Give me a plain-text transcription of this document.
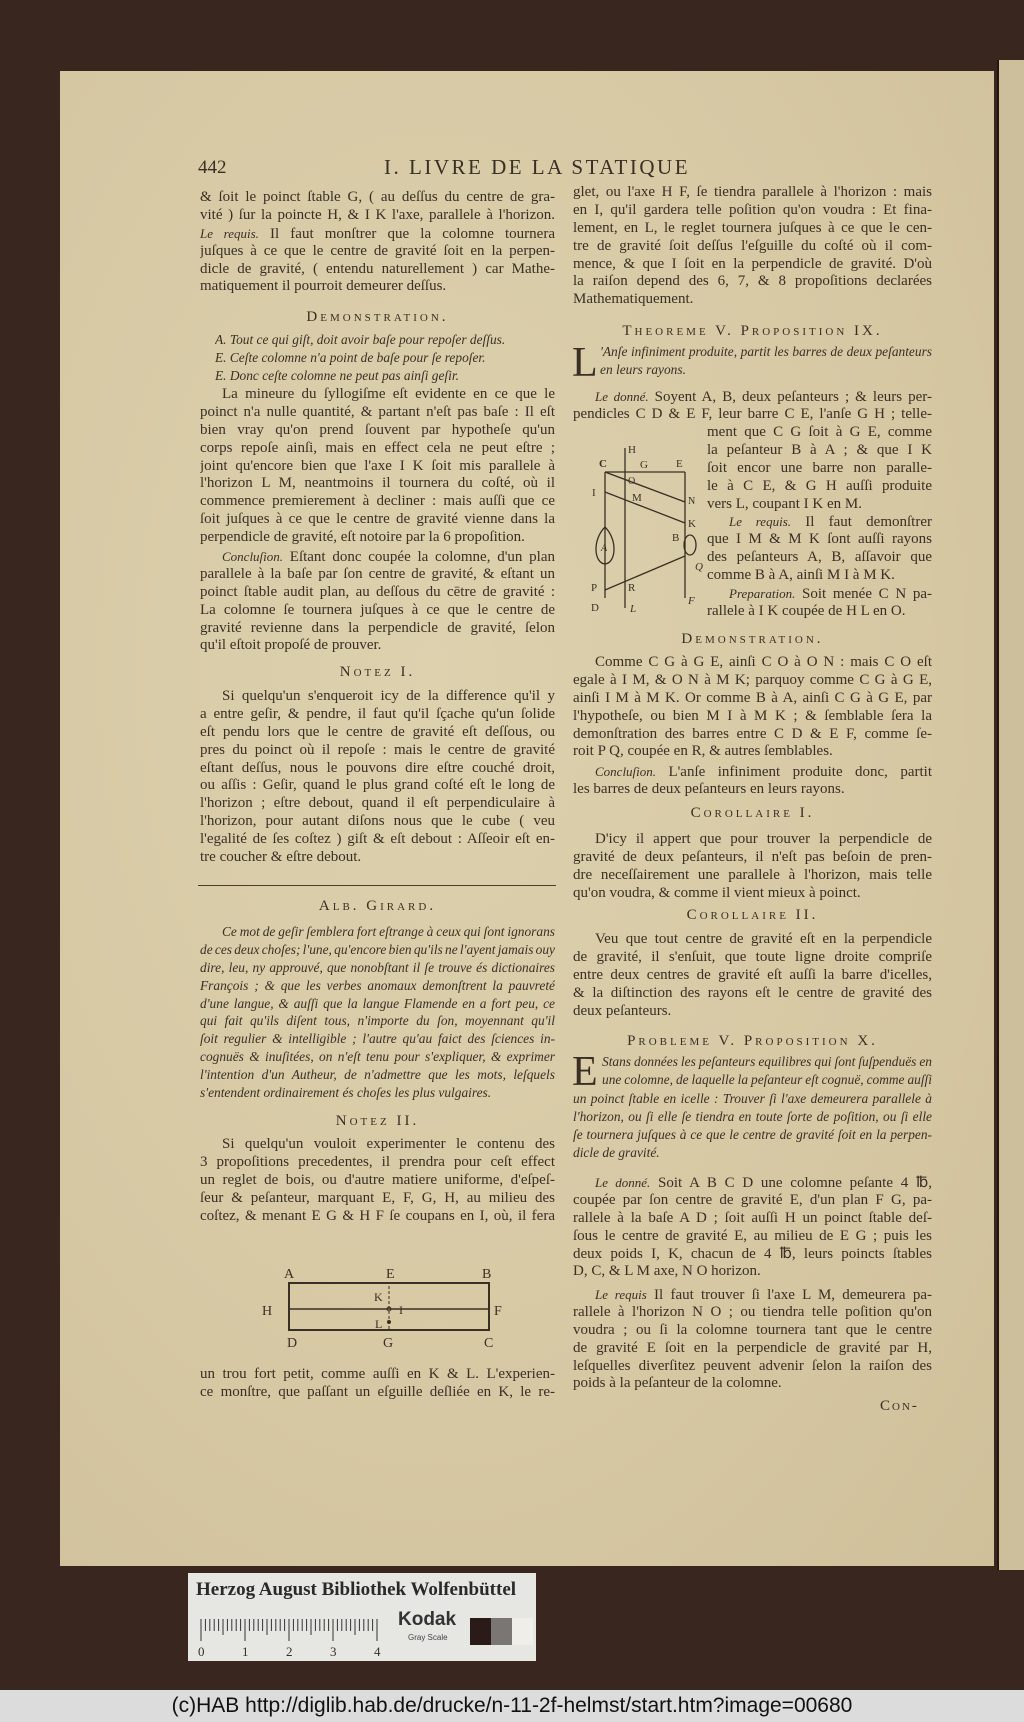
442	I. LIVRE DE LA STATIQUE
& ſoit le poinct ſtable G, ( au deſſus du centre de gra-
vité ) ſur la poincte H, & I K l'axe, parallele à l'horizon.
Le requis. Il faut monſtrer que la colomne tournera
juſques à ce que le centre de gravité ſoit en la perpen-
dicle de gravité, ( entendu naturellement ) car Mathe-
matiquement il pourroit demeurer deſſus.
Demonstration.
A. Tout ce qui giſt, doit avoir baſe pour repoſer deſſus.
E. Ceſte colomne n'a point de baſe pour ſe repoſer.
E. Donc ceſte colomne ne peut pas ainſi geſir.
La mineure du ſyllogiſme eſt evidente en ce que le
poinct n'a nulle quantité, & partant n'eſt pas baſe : Il eſt
bien vray qu'on prend ſouvent par hypotheſe qu'un
corps repoſe ainſi, mais en effect cela ne peut eſtre ;
joint qu'encore bien que l'axe I K ſoit mis parallele à
l'horizon L M, neantmoins il tournera du coſté, où il
commence premierement à decliner : mais auſſi que ce
ſoit juſques à ce que le centre de gravité vienne dans la
perpendicle de gravité, eſt notoire par la 6 propoſition.
Concluſion. Eſtant donc coupée la colomne, d'un plan
parallele à la baſe par ſon centre de gravité, & eſtant un
poinct ſtable audit plan, au deſſous du cētre de gravité :
La colomne ſe tournera juſques à ce que le centre de
gravité revienne dans la perpendicle de gravité, ſelon
qu'il eſtoit propoſé de prouver.
Notez I.
Si quelqu'un s'enqueroit icy de la difference qu'il y
a entre geſir, & pendre, il faut qu'il ſçache qu'un ſolide
eſt pendu lors que le centre de gravité eſt deſſous, ou
pres du poinct où il repoſe : mais le centre de gravité
eſtant deſſus, nous le pouvons dire eſtre couché droit,
ou aſſis : Geſir, quand le plus grand coſté eſt le long de
l'horizon ; eſtre debout, quand il eſt perpendiculaire à
l'horizon, pour autant diſons nous que le cube ( veu
l'egalité de ſes coſtez ) giſt & eſt debout : Aſſeoir eſt en-
tre coucher & eſtre debout.
Alb. Girard.
Ce mot de geſir ſemblera fort eſtrange à ceux qui ſont ignorans
de ces deux choſes; l'une, qu'encore bien qu'ils ne l'ayent jamais ouy
dire, leu, ny approuvé, que nonobſtant il ſe trouve és dictionaires
François ; & que les verbes anomaux demonſtrent la pauvreté
d'une langue, & auſſi que la langue Flamende en a fort peu, ce
qui fait qu'ils diſent tous, n'importe du ſon, moyennant qu'il
ſoit regulier & intelligible ; l'autre qu'au faict des ſciences in-
cognuës & inuſitées, on n'eſt tenu pour s'expliquer, & exprimer
l'intention d'un Autheur, de n'admettre que les mots, leſquels
s'entendent ordinairement és choſes les plus vulgaires.
Notez II.
Si quelqu'un vouloit experimenter le contenu des
3 propoſitions precedentes, il prendra pour ceſt effect
un reglet de bois, ou d'autre matiere uniforme, d'eſpeſ-
ſeur & peſanteur, marquant E, F, G, H, au milieu des
coſtez, & menant E G & H F ſe coupans en I, où, il fera
A	E	B
H	F
K
I
L
D	G	C
un trou fort petit, comme auſſi en K & L. L'experien-
ce monſtre, que paſſant un eſguille deſliée en K, le re-
glet, ou l'axe H F, ſe tiendra parallele à l'horizon : mais
en I, qu'il gardera telle poſition qu'on voudra : Et fina-
lement, en L, le reglet tournera juſques à ce que le cen-
tre de gravité ſoit deſſus l'eſguille du coſté où il com-
mence, & que I ſoit en la perpendicle de gravité. D'où
la raiſon depend des 6, 7, & 8 propoſitions declarées
Mathematiquement.
Theoreme V. Proposition IX.
L 'Anſe infiniment produite, partit les barres de deux peſanteurs
en leurs rayons.
Le donné. Soyent A, B, deux peſanteurs ; & leurs per-
pendicles C D & E F, leur barre C E, l'anſe G H ; telle-
ment que C G ſoit à G E, comme
la peſanteur B à A ; & que I K
ſoit encor une barre non paralle-
le à C E, & G H auſſi produite
vers L, coupant I K en M.
Le requis. Il faut demonſtrer
que I M & M K ſont auſſi rayons
des peſanteurs A, B, aſſavoir que
comme B à A, ainſi M I à M K.
Preparation. Soit menée C N pa-
rallele à I K coupée de H L en O.
C
H
G	E
O
I	M	N
K
A
B
Q
P	R
D	L
F
Demonstration.
Comme C G à G E, ainſi C O à O N : mais C O eſt
egale à I M, & O N à M K; parquoy comme C G à G E,
ainſi I M à M K. Or comme B à A, ainſi C G à G E, par
l'hypotheſe, ou bien M I à M K ; & ſemblable ſera la
demonſtration des barres entre C D & E F, comme ſe-
roit P Q, coupée en R, & autres ſemblables.
Concluſion. L'anſe infiniment produite donc, partit
les barres de deux peſanteurs en leurs rayons.
Corollaire I.
D'icy il appert que pour trouver la perpendicle de
gravité de deux peſanteurs, il n'eſt pas beſoin de pren-
dre neceſſairement une parallele à l'horizon, mais telle
qu'on voudra, & comme il vient mieux à poinct.
Corollaire II.
Veu que tout centre de gravité eſt en la perpendicle
de gravité, il s'enſuit, que toute ligne droite compriſe
entre deux centres de gravité eſt auſſi la barre d'icelles,
& la diſtinction des rayons eſt le centre de gravité des
deux peſanteurs.
Probleme V. Proposition X.
E Stans données les peſanteurs equilibres qui ſont ſuſpenduës en
une colomne, de laquelle la peſanteur eſt cognuë, comme auſſi
un poinct ſtable en icelle : Trouver ſi l'axe demeurera parallele à
l'horizon, ou ſi elle ſe tiendra en toute ſorte de poſition, ou ſi elle
ſe tournera juſques à ce que le centre de gravité ſoit en la perpen-
dicle de gravité.
Le donné. Soit A B C D une colomne peſante 4 ℔,
coupée par ſon centre de gravité E, d'un plan F G, pa-
rallele à la baſe A D ; ſoit auſſi H un poinct ſtable deſ-
ſous le centre de gravité E, au milieu de E G ; puis les
deux poids I, K, chacun de 4 ℔, leurs poincts ſtables
D, C, & L M axe, N O horizon.
Le requis Il faut trouver ſi l'axe L M, demeurera pa-
rallele à l'horizon N O ; ou tiendra telle poſition qu'on
voudra ; ou ſi la colomne tournera tant que le centre
de gravité E ſoit en la perpendicle de gravité par H,
leſquelles diverſitez peuvent advenir ſelon la raiſon des
poids à la peſanteur de la colomne.
Con-
Herzog August Bibliothek Wolfenbüttel
0	1	2	3	4
Kodak
Gray Scale
(c)HAB http://diglib.hab.de/drucke/n-11-2f-helmst/start.htm?image=00680
